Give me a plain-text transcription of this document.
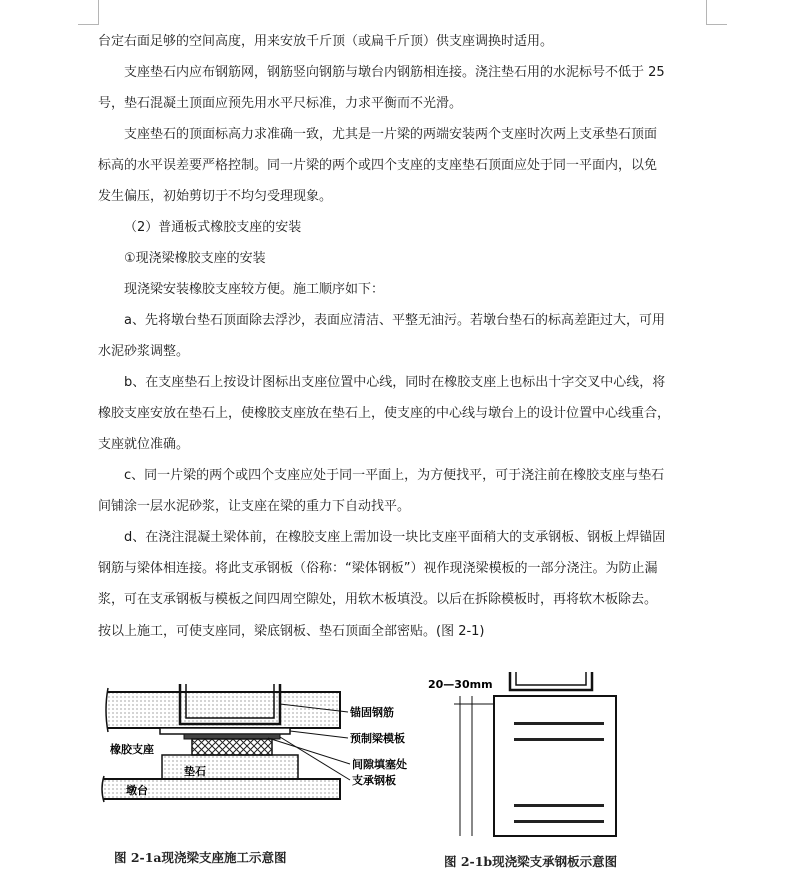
台定右面足够的空间高度，用来安放千斤顶（或扁千斤顶）供支座调换时适用。
支座垫石内应布钢筋网，钢筋竖向钢筋与墩台内钢筋相连接。浇注垫石用的水泥标号不低于 25
号，垫石混凝土顶面应预先用水平尺标准，力求平衡而不光滑。
支座垫石的顶面标高力求准确一致，尤其是一片梁的两端安装两个支座时次两上支承垫石顶面
标高的水平误差要严格控制。同一片梁的两个或四个支座的支座垫石顶面应处于同一平面内，以免
发生偏压，初始剪切于不均匀受理现象。
（2）普通板式橡胶支座的安装
①现浇梁橡胶支座的安装
现浇梁安装橡胶支座较方便。施工顺序如下：
a、先将墩台垫石顶面除去浮沙，表面应清洁、平整无油污。若墩台垫石的标高差距过大，可用
水泥砂浆调整。
b、在支座垫石上按设计图标出支座位置中心线，同时在橡胶支座上也标出十字交叉中心线，将
橡胶支座安放在垫石上，使橡胶支座放在垫石上，使支座的中心线与墩台上的设计位置中心线重合，
支座就位准确。
c、同一片梁的两个或四个支座应处于同一平面上，为方便找平，可于浇注前在橡胶支座与垫石
间铺涂一层水泥砂浆，让支座在梁的重力下自动找平。
d、在浇注混凝土梁体前，在橡胶支座上需加设一块比支座平面稍大的支承钢板、钢板上焊锚固
钢筋与梁体相连接。将此支承钢板（俗称：“梁体钢板”）视作现浇梁模板的一部分浇注。为防止漏
浆，可在支承钢板与模板之间四周空隙处，用软木板填没。以后在拆除模板时，再将软木板除去。
按以上施工，可使支座同，梁底钢板、垫石顶面全部密贴。(图 2-1)
锚固钢筋
预制梁模板
橡胶支座
间隙填塞处
垫石
支承钢板
墩台
图 2-1a现浇梁支座施工示意图
20—30mm
图 2-1b现浇梁支承钢板示意图
